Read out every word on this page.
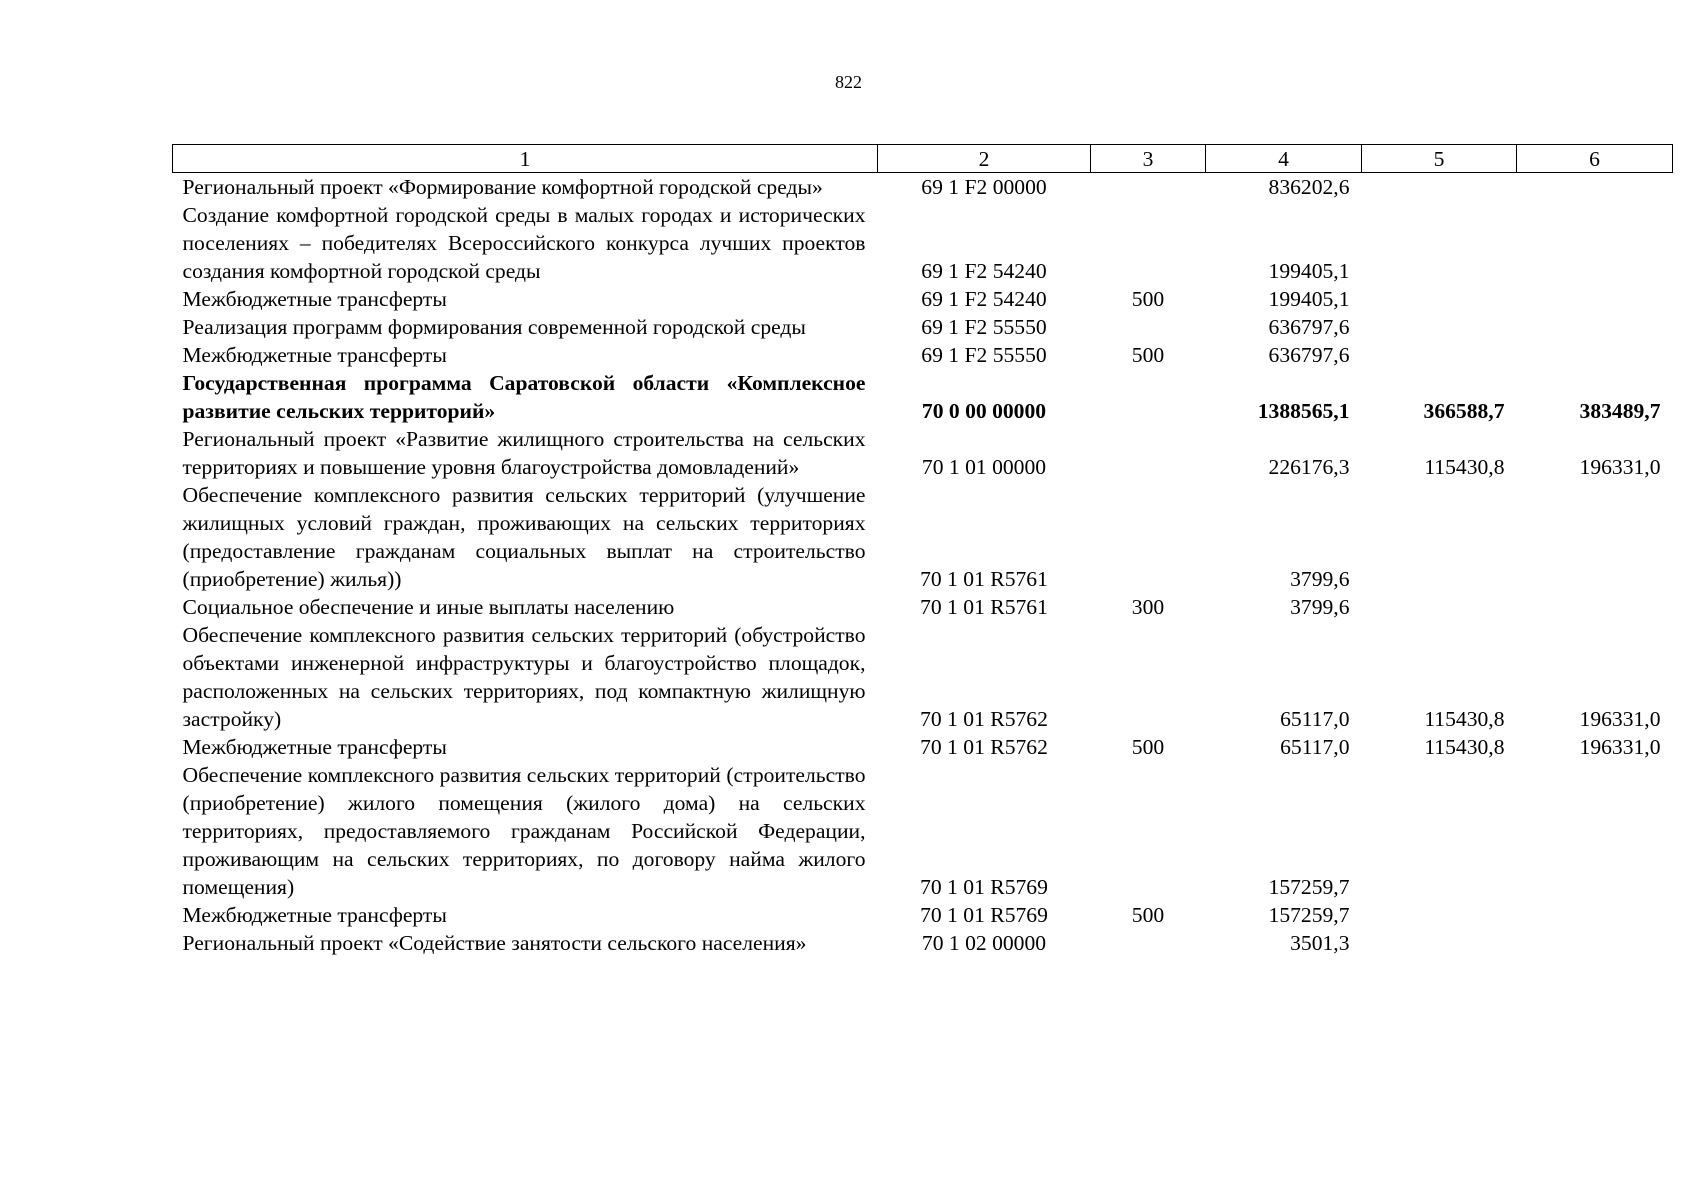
822
1	2	3	4	5	6
Региональный проект «Формирование комфортной городской среды»	69 1 F2 00000		836202,6		
Создание комфортной городской среды в малых городах и исторических поселениях – победителях Всероссийского конкурса лучших проектов создания комфортной городской среды	69 1 F2 54240		199405,1		
Межбюджетные трансферты	69 1 F2 54240	500	199405,1		
Реализация программ формирования современной городской среды	69 1 F2 55550		636797,6		
Межбюджетные трансферты	69 1 F2 55550	500	636797,6		
Государственная программа Саратовской области «Комплексное развитие сельских территорий»	70 0 00 00000		1388565,1	366588,7	383489,7
Региональный проект «Развитие жилищного строительства на сельских территориях и повышение уровня благоустройства домовладений»	70 1 01 00000		226176,3	115430,8	196331,0
Обеспечение комплексного развития сельских территорий (улучшение жилищных условий граждан, проживающих на сельских территориях (предоставление гражданам социальных выплат на строительство (приобретение) жилья))	70 1 01 R5761		3799,6		
Социальное обеспечение и иные выплаты населению	70 1 01 R5761	300	3799,6		
Обеспечение комплексного развития сельских территорий (обустройство объектами инженерной инфраструктуры и благоустройство площадок, расположенных на сельских территориях, под компактную жилищную застройку)	70 1 01 R5762		65117,0	115430,8	196331,0
Межбюджетные трансферты	70 1 01 R5762	500	65117,0	115430,8	196331,0
Обеспечение комплексного развития сельских территорий (строительство (приобретение) жилого помещения (жилого дома) на сельских территориях, предоставляемого гражданам Российской Федерации, проживающим на сельских территориях, по договору найма жилого помещения)	70 1 01 R5769		157259,7		
Межбюджетные трансферты	70 1 01 R5769	500	157259,7		
Региональный проект «Содействие занятости сельского населения»	70 1 02 00000		3501,3		
